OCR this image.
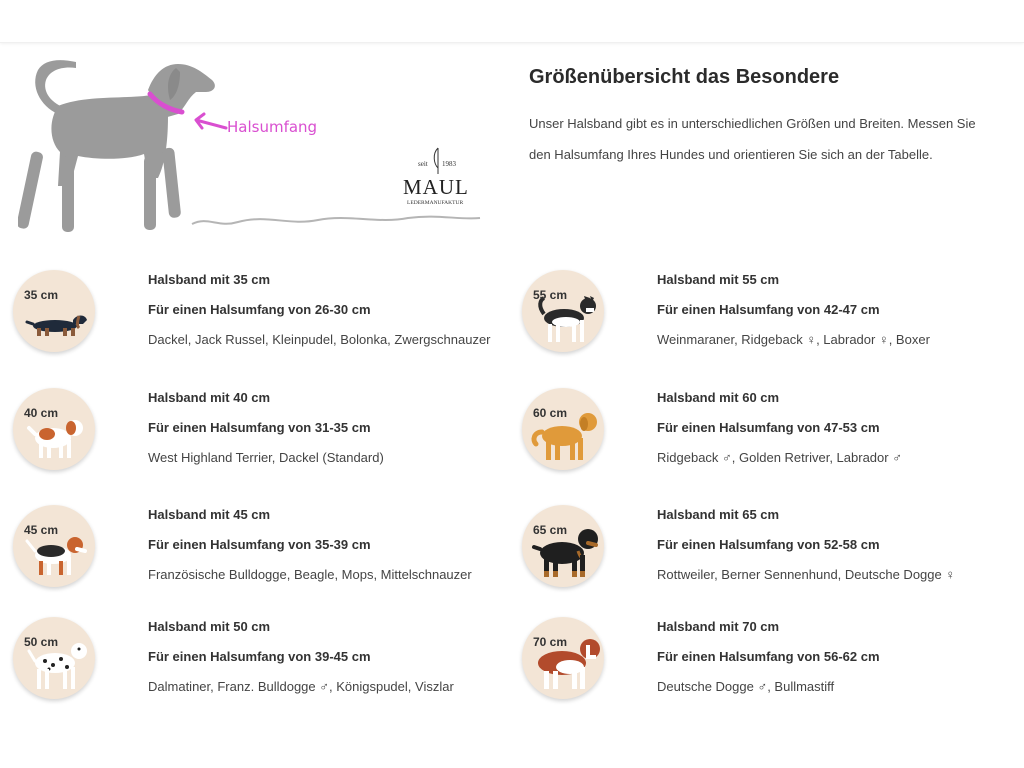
seit 1983
MAUL
LEDERMANUFAKTUR
Halsumfang
Größenübersicht das Besondere

Unser Halsband gibt es in unterschiedlichen Größen und Breiten. Messen Sie den Halsumfang Ihres Hundes und orientieren Sie sich an der Tabelle.

35 cm
Halsband mit 35 cm
Für einen Halsumfang von 26-30 cm
Dackel, Jack Russel, Kleinpudel, Bolonka, Zwergschnauzer
40 cm
Halsband mit 40 cm
Für einen Halsumfang von 31-35 cm
West Highland Terrier, Dackel (Standard)
45 cm
Halsband mit 45 cm
Für einen Halsumfang von 35-39 cm
Französische Bulldogge, Beagle, Mops, Mittelschnauzer
50 cm
Halsband mit 50 cm
Für einen Halsumfang von 39-45 cm
Dalmatiner, Franz. Bulldogge ♂, Königspudel, Viszlar
55 cm
Halsband mit 55 cm
Für einen Halsumfang von 42-47 cm
Weinmaraner, Ridgeback ♀, Labrador ♀, Boxer
60 cm
Halsband mit 60 cm
Für einen Halsumfang von 47-53 cm
Ridgeback ♂, Golden Retriver, Labrador ♂
65 cm
Halsband mit 65 cm
Für einen Halsumfang von 52-58 cm
Rottweiler, Berner Sennenhund, Deutsche Dogge ♀
70 cm
Halsband mit 70 cm
Für einen Halsumfang von 56-62 cm
Deutsche Dogge ♂, Bullmastiff
